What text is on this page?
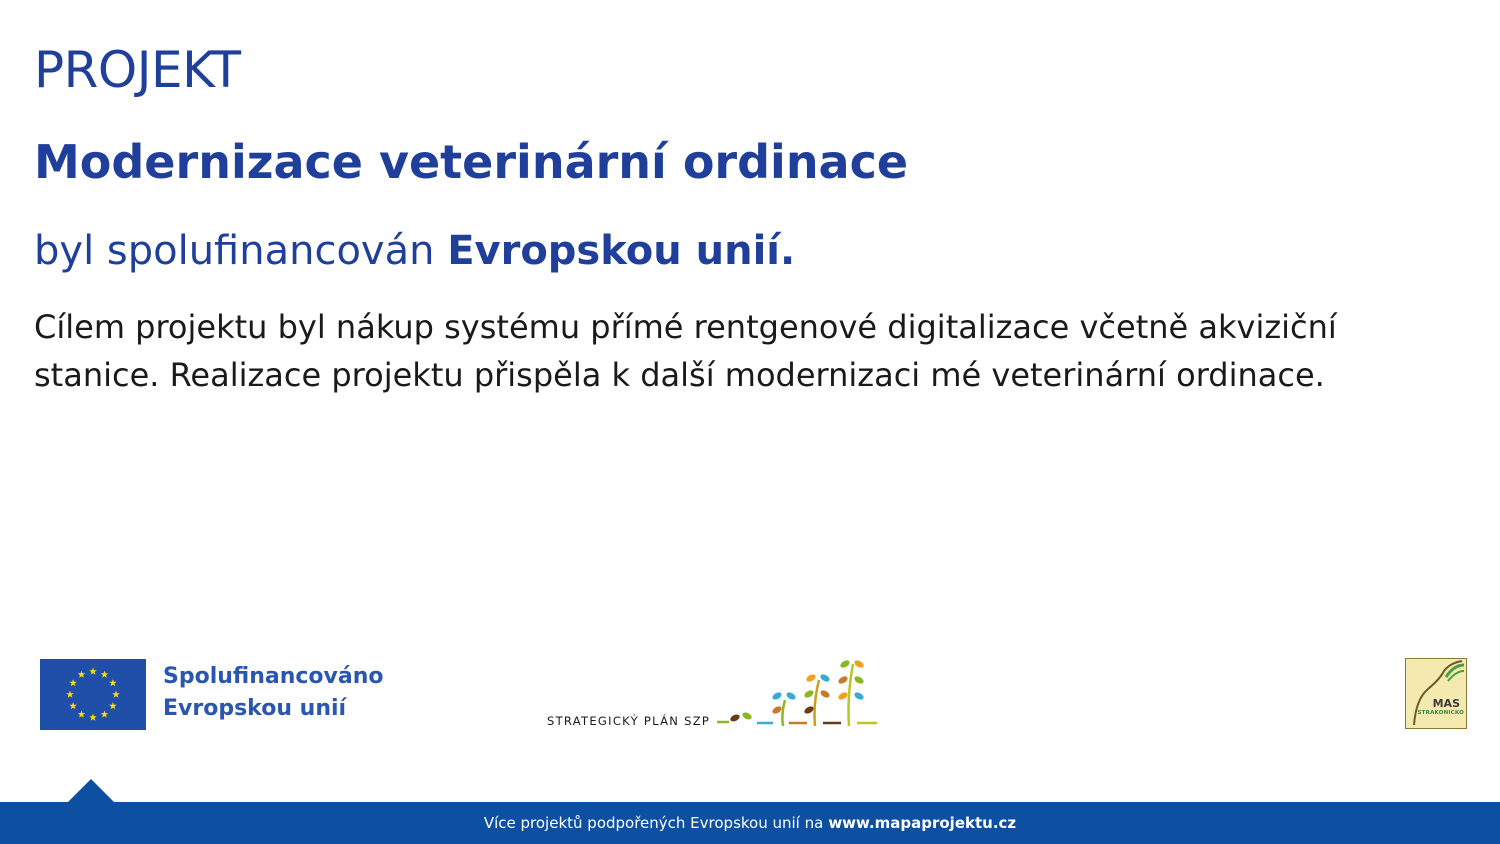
PROJEKT
Modernizace veterinární ordinace

byl spolufinancován Evropskou unií.

Cílem projektu byl nákup systému přímé rentgenové digitalizace včetně akviziční stanice. Realizace projektu přispěla k další modernizaci mé veterinární ordinace.

Spolufinancováno
Evropskou unií	STRATEGICKÝ PLÁN SZP
MAS
STRAKONICKO
Více projektů podpořených Evropskou unií na www.mapaprojektu.cz
